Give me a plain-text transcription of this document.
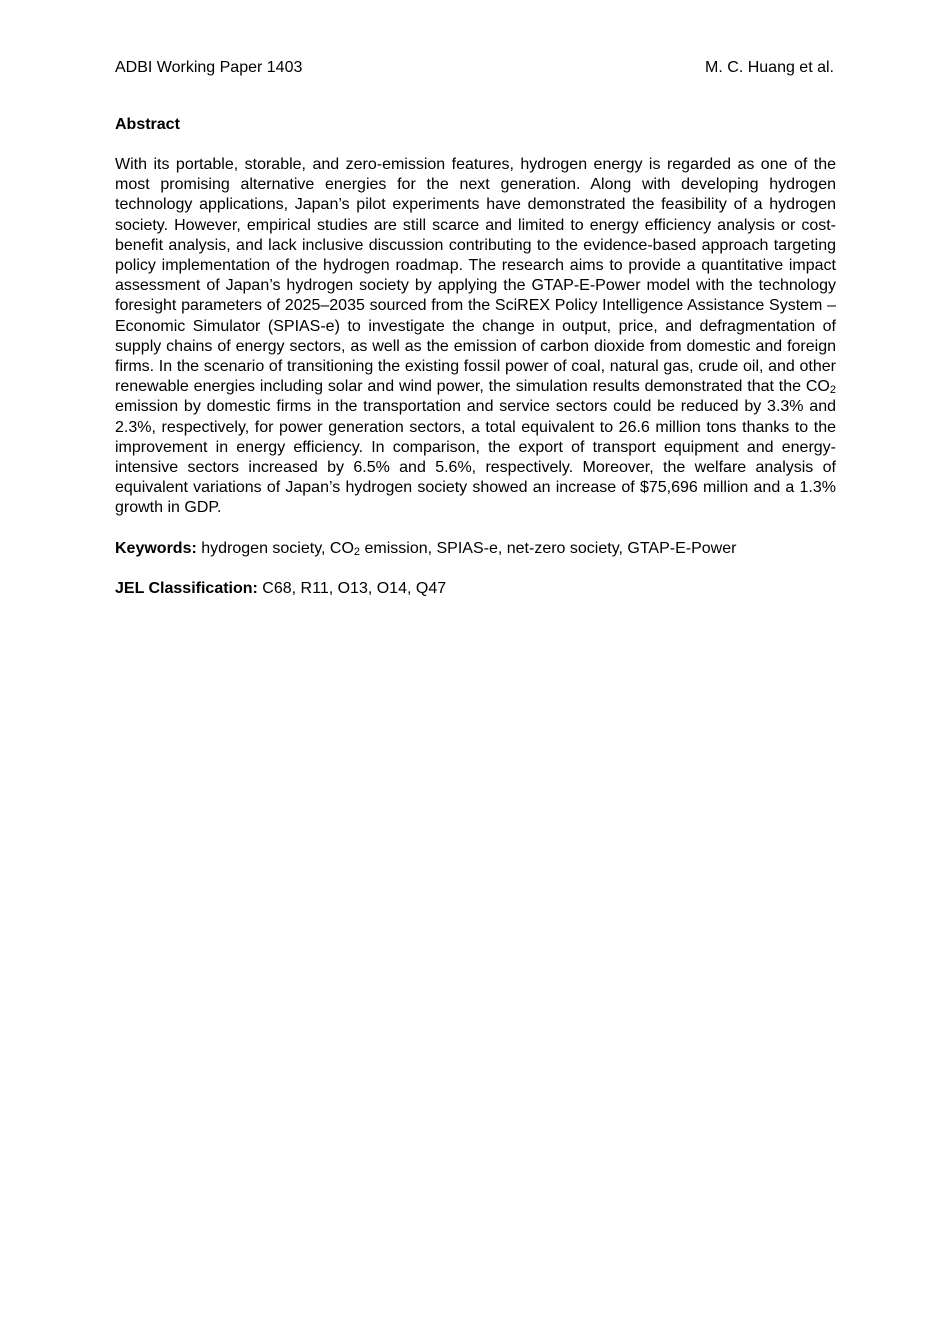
ADBI Working Paper 1403	M. C. Huang et al.
Abstract

With its portable, storable, and zero-emission features, hydrogen energy is regarded as one of the most promising alternative energies for the next generation. Along with developing hydrogen technology applications, Japan’s pilot experiments have demonstrated the feasibility of a hydrogen society. However, empirical studies are still scarce and limited to energy efficiency analysis or cost-benefit analysis, and lack inclusive discussion contributing to the evidence-based approach targeting policy implementation of the hydrogen roadmap. The research aims to provide a quantitative impact assessment of Japan’s hydrogen society by applying the GTAP-E-Power model with the technology foresight parameters of 2025–2035 sourced from the SciREX Policy Intelligence Assistance System – Economic Simulator (SPIAS-e) to investigate the change in output, price, and defragmentation of supply chains of energy sectors, as well as the emission of carbon dioxide from domestic and foreign firms. In the scenario of transitioning the existing fossil power of coal, natural gas, crude oil, and other renewable energies including solar and wind power, the simulation results demonstrated that the $CO_2$ emission by domestic firms in the transportation and service sectors could be reduced by 3.3% and 2.3%, respectively, for power generation sectors, a total equivalent to 26.6 million tons thanks to the improvement in energy efficiency. In comparison, the export of transport equipment and energy-intensive sectors increased by 6.5% and 5.6%, respectively. Moreover, the welfare analysis of equivalent variations of Japan’s hydrogen society showed an increase of $75,696 million and a 1.3% growth in GDP.

Keywords: hydrogen society, $CO_2$ emission, SPIAS-e, net-zero society, GTAP-E-Power

JEL Classification: C68, R11, O13, O14, Q47
